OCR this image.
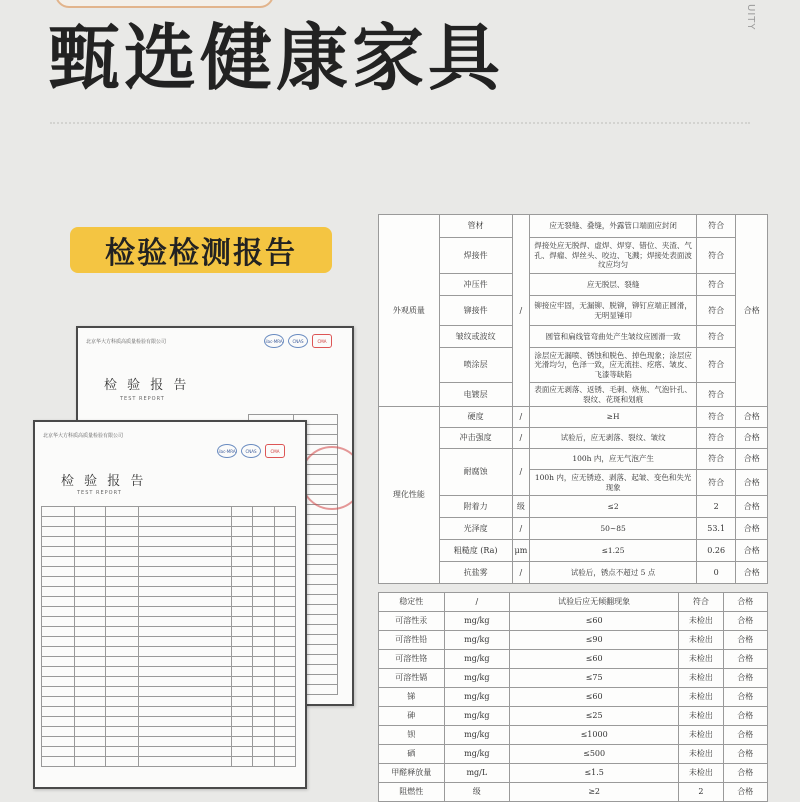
UITY
甄选健康家具
检验检测报告
北京华大方科质高质量检验有限公司	ilac-MRA	CNAS	CMA
检 验 报 告
TEST REPORT

北京华大方科质高质量检验有限公司
ilac-MRA	CNAS	CMA
检 验 报 告
TEST REPORT

外观质量	管材	/	应无裂缝、叠缝，外露管口端面应封闭	符合	合格
	焊接件		焊接处应无脱焊、虚焊、焊穿、错位、夹渣、气孔、焊瘤、焊丝头、咬边、飞溅；焊接处表面波纹应均匀	符合	
	冲压件		应无脱层、裂缝	符合	
	铆接件		铆接应牢固，无漏铆、脱铆，铆钉应端正圆滑，无明显锤印	符合	
	皱纹或波纹		圆管和扁线管弯曲处产生皱纹应圆滑一致	符合	
	喷涂层		涂层应无漏喷、锈蚀和脱色、掉色现象；涂层应光滑均匀，色泽一致，应无流挂、疙瘩、皱皮、飞漆等缺陷	符合	
	电镀层		表面应无剥落、返锈、毛刺、烧焦、气泡针孔、裂纹、花斑和划痕	符合	
理化性能	硬度	/	≥H	符合	合格
	冲击强度	/	试验后，应无剥落、裂纹、皱纹	符合	合格
	耐腐蚀	/	100h 内，应无气泡产生	符合	合格
			100h 内，应无锈迹、剥落、起皱、变色和失光现象	符合	合格
	附着力	级	≤2	2	合格
	光泽度	/	50~85	53.1	合格
	粗糙度 (Ra)	μm	≤1.25	0.26	合格
	抗盐雾	/	试验后，锈点不超过 5 点	0	合格
稳定性	/	试验后应无倾翻现象	符合	合格
可溶性汞	mg/kg	≤60	未检出	合格
可溶性铅	mg/kg	≤90	未检出	合格
可溶性铬	mg/kg	≤60	未检出	合格
可溶性镉	mg/kg	≤75	未检出	合格
锑	mg/kg	≤60	未检出	合格
砷	mg/kg	≤25	未检出	合格
钡	mg/kg	≤1000	未检出	合格
硒	mg/kg	≤500	未检出	合格
甲醛释放量	mg/L	≤1.5	未检出	合格
阻燃性	级	≥2	2	合格
